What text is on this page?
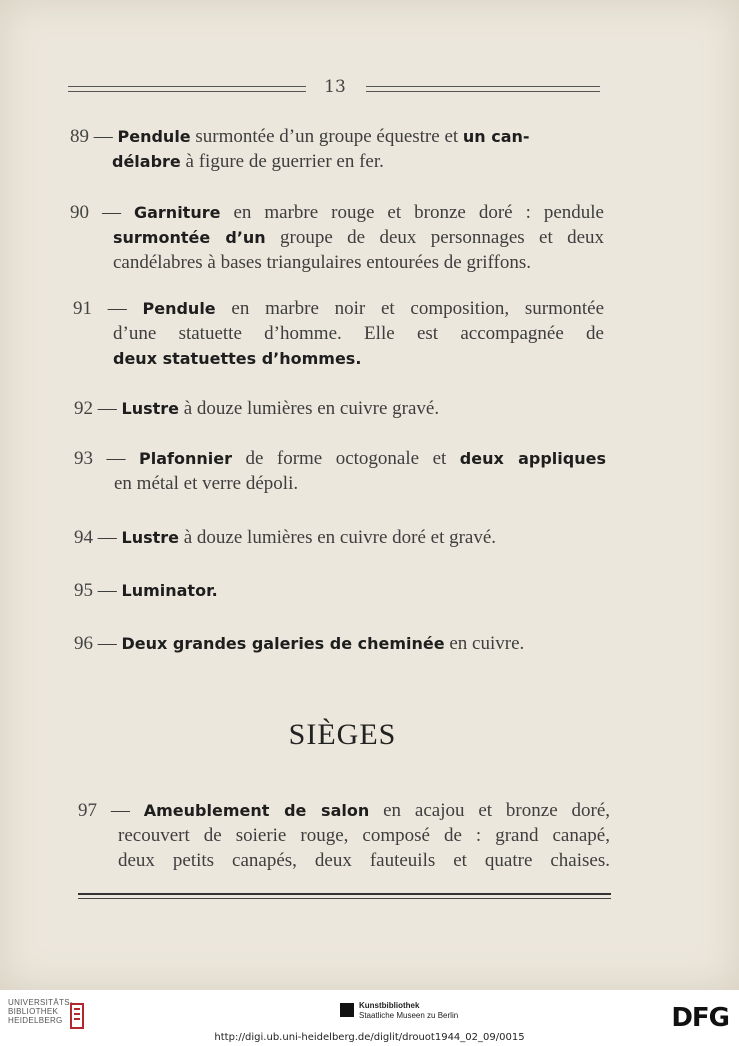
13
89 — Pendule surmontée d’un groupe équestre et un can-
délabre à figure de guerrier en fer.
90 — Garniture en marbre rouge et bronze doré : pendule
surmontée d’un groupe de deux personnages et deux
candélabres à bases triangulaires entourées de griffons.
91 — Pendule en marbre noir et composition, surmontée
d’une statuette d’homme. Elle est accompagnée de
deux statuettes d’hommes.
92 — Lustre à douze lumières en cuivre gravé.
93 — Plafonnier de forme octogonale et deux appliques
en métal et verre dépoli.
94 — Lustre à douze lumières en cuivre doré et gravé.
95 — Luminator.
96 — Deux grandes galeries de cheminée en cuivre.
SIÈGES
97 — Ameublement de salon en acajou et bronze doré,
recouvert de soierie rouge, composé de : grand canapé,
deux petits canapés, deux fauteuils et quatre chaises.
UNIVERSITÄTS- BIBLIOTHEK HEIDELBERG
Kunstbibliothek
Staatliche Museen zu Berlin
http://digi.ub.uni-heidelberg.de/diglit/drouot1944_02_09/0015
DFG
